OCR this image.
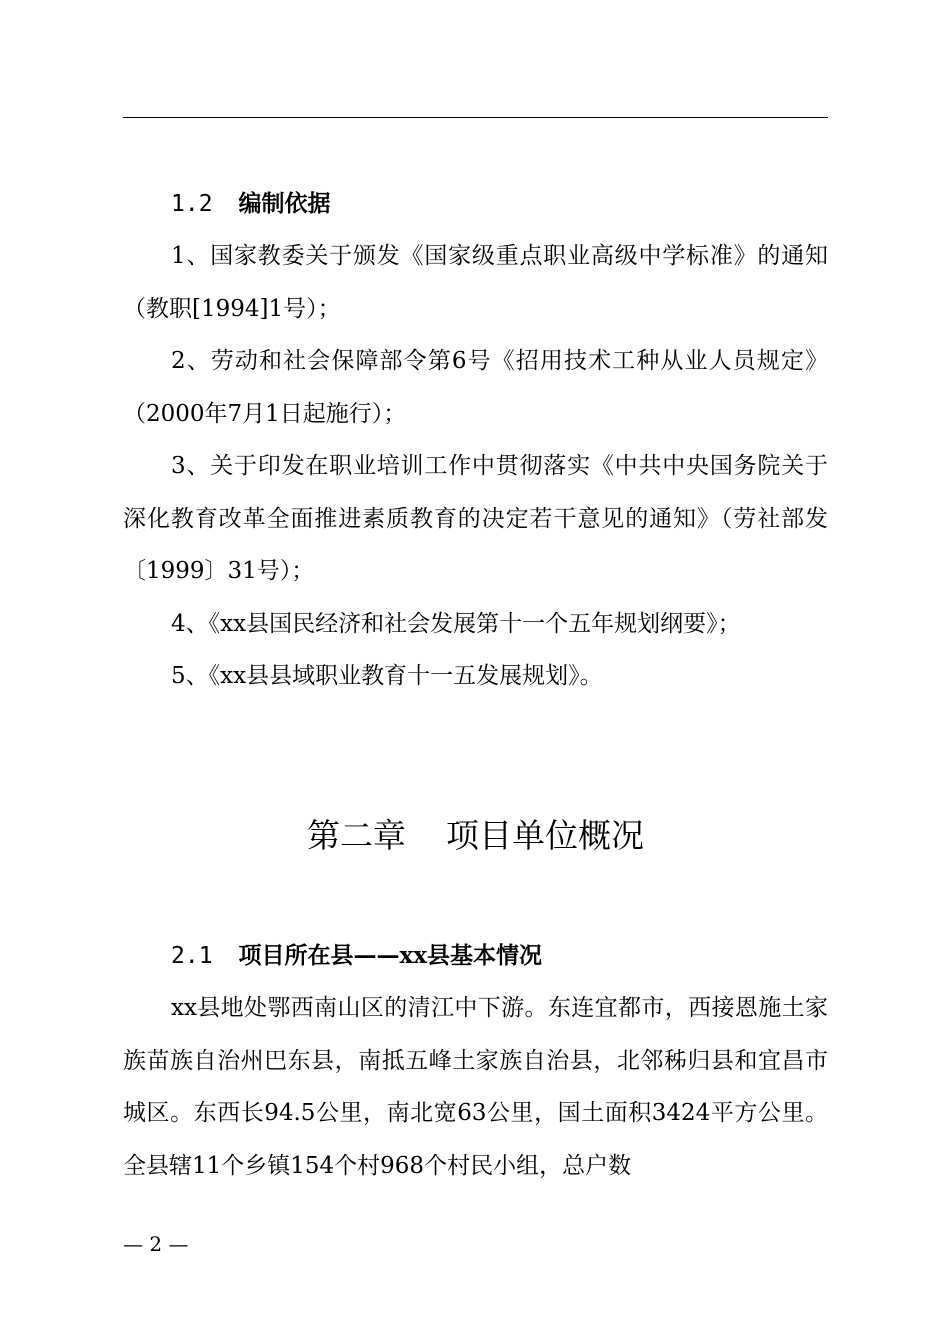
1.2 编制依据

1、国家教委关于颁发《国家级重点职业高级中学标准》的通知（教职[1994]1号）；

2、劳动和社会保障部令第6号《招用技术工种从业人员规定》（2000年7月1日起施行）；

3、关于印发在职业培训工作中贯彻落实《中共中央国务院关于深化教育改革全面推进素质教育的决定若干意见的通知》（劳社部发〔1999〕31号）；

4、《xx县国民经济和社会发展第十一个五年规划纲要》；

5、《xx县县域职业教育十一五发展规划》。

第二章 项目单位概况
2.1 项目所在县——xx县基本情况

xx县地处鄂西南山区的清江中下游。东连宜都市，西接恩施土家族苗族自治州巴东县，南抵五峰土家族自治县，北邻秭归县和宜昌市城区。东西长94.5公里，南北宽63公里，国土面积3424平方公里。全县辖11个乡镇154个村968个村民小组，总户数

— 2 —
